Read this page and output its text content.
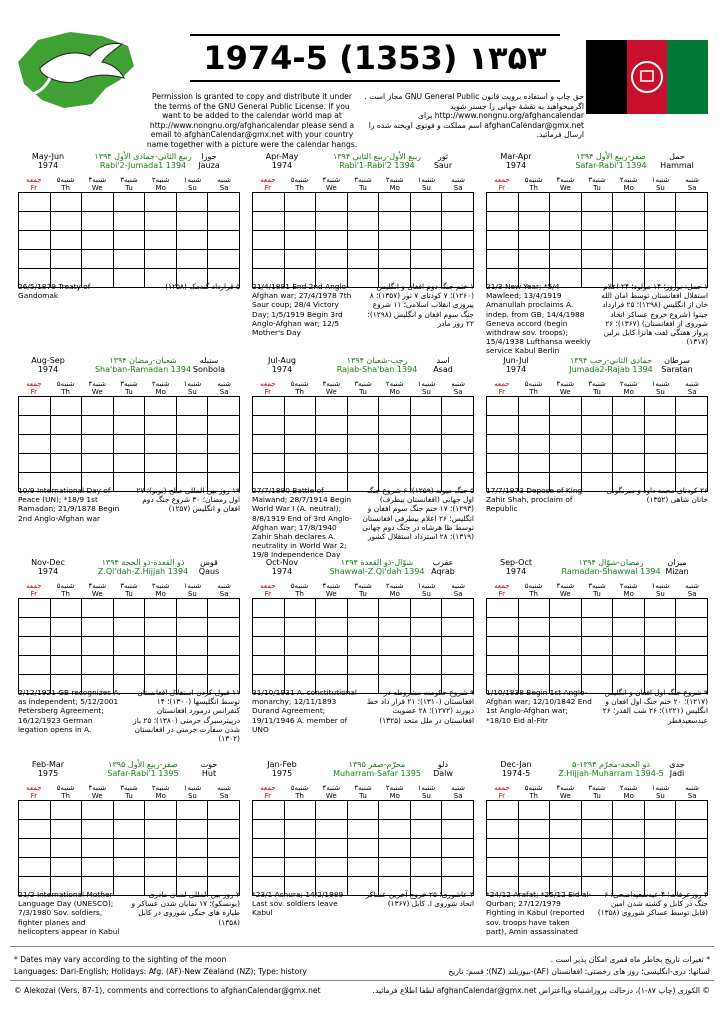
1974-5 (1353) ۱۳۵۳
Permission is granted to copy and distribute it under the terms of the GNU General Public License. If you want to be added to the calendar world map at http://www.nongnu.org/afghancalendar please send a email to afghanCalendar@gmx.net with your country name together with a picture were the calendar hangs.
حق چاپ و استفاده برویت قانون GNU General Public مجاز است . اگرمیخواهید به نقشهٔ جهانی را جستر شوید http://www.nongnu.org/afghancalendar برای afghanCalendar@gmx.net اسم مملکت و فوتوی اویخته شده را ارسال فرمائید.
Mar-Apr
1974
صفر-ربیع الأول ۱۳۹۴
Safar-Rabi'1 1394
حمل
Hammal
جمعه	۵شنبه	۴شنبه	۳شنبه	۲شنبه	۱شنبه	شنبه
Fr	Th	We	Tu	Mo	Su	Sa
21/3 New Year; *5/4 Mawleed; 13/4/1919 Amanullah proclaims A. indep. from GB; 14/4/1988 Geneva accord (begin withdraw sov. troops); 15/4/1938 Lufthansa weekly service Kabul Berlin
۱ حمل: نوروز؛ ۱۴ مولود؛ ۲۴ اعلام استقلال افغانستان توسط امان الله خان از انگلیس (۱۲۹۸)؛ ۲۵ قرارداد جینوا (شروع خروج عساکر اتحاد شوروی از افغانستان) (۱۳۶۷)؛ ۲۶ پرواز هفتگی لفت هانزا کابل برلین (۱۳۱۷)
Apr-May
1974
ربیع الأول-ربیع الثاني ۱۳۹۴
Rabi'1-Rabi'2 1394
ثور
Saur
جمعه	۵شنبه	۴شنبه	۳شنبه	۲شنبه	۱شنبه	شنبه
Fr	Th	We	Tu	Mo	Su	Sa
21/4/1881 End 2nd Anglo-Afghan war; 27/4/1978 7th Saur coup; 28/4 Victory Day; 1/5/1919 Begin 3rd Anglo-Afghan war; 12/5 Mother's Day
۱ ختم جنگ دوم افغان و انگلیس (۱۲۶۰)؛ ۷ کودتای ۷ ثور (۱۳۵۷)؛ ۸ پیروزی انقلاب اسلامی؛ ۱۱ شروع جنگ سوم افغان و انگلیس (۱۲۹۸)؛ ۲۲ روز مادر
May-Jun
1974
ربیع الثاني-جمادی الأول ۱۳۹۴
Rabi'2-Jumada1 1394
جوزا
Jauza
جمعه	۵شنبه	۴شنبه	۳شنبه	۲شنبه	۱شنبه	شنبه
Fr	Th	We	Tu	Mo	Su	Sa
26/5/1879 Treaty of Gandomak
۵ قرارداد گندمک (۱۲۵۸)
Jun-Jul
1974
جمادی الثاني-رجب ۱۳۹۴
Jumada2-Rajab 1394
سرطان
Saratan
جمعه	۵شنبه	۴شنبه	۳شنبه	۲شنبه	۱شنبه	شنبه
Fr	Th	We	Tu	Mo	Su	Sa
17/7/1973 Depose of King Zahir Shah, proclaim of Republic
۲۶ کودتای محمد داود و سرنگونی خانان شاهی (۱۳۵۲)
Jul-Aug
1974
رجب-شعبان ۱۳۹۴
Rajab-Sha'ban 1394
اسد
Asad
جمعه	۵شنبه	۴شنبه	۳شنبه	۲شنبه	۱شنبه	شنبه
Fr	Th	We	Tu	Mo	Su	Sa
27/7/1880 Battle of Maiwand; 28/7/1914 Begin World War I (A. neutral); 8/8/1919 End of 3rd Anglo-Afghan war; 17/8/1940 Zahir Shah declares A. neutrality in World War 2; 19/8 Independence Day
۵ جنگ میوند (۱۲۵۹)؛ ۶ شروع جنگ اول جهانی (افغانستان بیطرف) (۱۲۹۳)؛ ۱۷ ختم جنگ سوم افغان و انگلیس؛ ۲۶ اعلام بیطرفی افغانستان توسط ظا هرشاه در جنگ دوم جهانی (۱۳۱۹)؛ ۲۸ استرداد استقلال کشور
Aug-Sep
1974
شعبان-رمضان ۱۳۹۴
Sha'ban-Ramadan 1394
سنبله
Sonbola
جمعه	۵شنبه	۴شنبه	۳شنبه	۲شنبه	۱شنبه	شنبه
Fr	Th	We	Tu	Mo	Su	Sa
10/9 International Day of Peace (UN); *18/9 1st Ramadan; 21/9/1878 Begin 2nd Anglo-Afghan war
۱۹ روز بین المللی صلح (یونو)؛ ۲۷ اول رمضان؛ ۳۰ شروع جنگ دوم افغان و انگلیس (۱۲۵۷)
Sep-Oct
1974
رمضان-شوّال ۱۳۹۴
Ramadan-Shawwal 1394
میزان
Mizan
جمعه	۵شنبه	۴شنبه	۳شنبه	۲شنبه	۱شنبه	شنبه
Fr	Th	We	Tu	Mo	Su	Sa
1/10/1838 Begin 1st Anglo-Afghan war; 12/10/1842 End 1st Anglo-Afghan war; *18/10 Eid al-Fitr
۹ شروع جنگ اول افغان و انگلیس (۱۲۱۷)؛ ۲۰ ختم جنگ اول افغان و انگلیس (۱۲۲۱)؛ ۲۶ شب القدر؛ ۲۶ عیدسعیدفطر
Oct-Nov
1974
شوّال-ذو القعدة ۱۳۹۴
Shawwal-Z.Qi'dah 1394
عقرب
Aqrab
جمعه	۵شنبه	۴شنبه	۳شنبه	۲شنبه	۱شنبه	شنبه
Fr	Th	We	Tu	Mo	Su	Sa
31/10/1931 A. constitutional monarchy; 12/11/1893 Durand Agreement; 19/11/1946 A. member of UNO
۹ شروع حکومت مشروطه در افغانستان (۱۳۱۰)؛ ۲۱ قرار داد خط دیورند (۱۲۷۲)؛ ۲۸ عضویت افغانستان در ملل متحد (۱۳۲۵)
Nov-Dec
1974
ذو القعدة-ذو الحجة ۱۳۹۴
Z.Qi'dah-Z.Hijjah 1394
قوس
Qaus
جمعه	۵شنبه	۴شنبه	۳شنبه	۲شنبه	۱شنبه	شنبه
Fr	Th	We	Tu	Mo	Su	Sa
2/12/1921 GB recognizes A. as independent; 5/12/2001 Petersberg Agreement; 16/12/1923 German legation opens in A.
۱۱ قبول کردن استقلال افغانستان توسط انگلیسها (۱۳۰۰)؛ ۱۴ کنفرانس درمورد افغانستان درپیترسبرگ جرمنی (۱۳۸۰)؛ ۲۵ باز شدن سفارت جرمنی در افغانستان (۱۳۰۲)
Dec-Jan
1974-5
ذو الحجة-محرّم ۱۳۹۴-۵
Z.Hijjah-Muharram 1394-5
جدی
Jadi
جمعه	۵شنبه	۴شنبه	۳شنبه	۲شنبه	۱شنبه	شنبه
Fr	Th	We	Tu	Mo	Su	Sa
*24/12 Arafat; *25/12 Eid al-Qurban; 27/12/1979 Fighting in Kabul (reported sov. troops have taken part), Amin assassinated
۳ روزعرفات؛ ۴ عیدسعیداضحی؛ ۶ جنگ در کابل و کشته شدن امین (قابل توسط عساکر شوروی (۱۳۵۸)
Jan-Feb
1975
محرّم-صفر ۱۳۹۵
Muharram-Safar 1395
دلو
Dalw
جمعه	۵شنبه	۴شنبه	۳شنبه	۲شنبه	۱شنبه	شنبه
Fr	Th	We	Tu	Mo	Su	Sa
*23/1 Ashura; 14/2/1989 Last sov. soldiers leave Kabul
۳ عاشوری؛ ۲۵ خروج آخرین عساکر اتحاد شوروی ا. کابل (۱۳۶۷)
Feb-Mar
1975
صفر-ربیع الأول ۱۳۹۵
Safar-Rabi'1 1395
حوت
Hut
جمعه	۵شنبه	۴شنبه	۳شنبه	۲شنبه	۱شنبه	شنبه
Fr	Th	We	Tu	Mo	Su	Sa
21/2 International Mother Language Day (UNESCO); 7/3/1980 Sov. soldiers, fighter planes and helicopters appear in Kabul
۲ روز بین المللی لسان مادری (یونسکو)؛ ۱۷ نمایان شدن عساکر و طیاره های جنگی شوروی در کابل (۱۳۵۸)
* Dates may vary according to the sighting of the moon	* تغیرات تاریخ بخاطر ماه قمری امکان پذیر است .
Languages: Dari-English; Holidays: Afg. (AF)-New Zealand (NZ); Type: history	لسانها: دری-انگلیسی؛ روز های رخصتی: افغانستان (AF)-نیوزیلند (NZ)؛ قسم: تاریخ
© Alekozai (Vers. 87-1), comments and corrections to afghanCalendar@gmx.net	© الکوزی (چاپ ۸۷-۱)، درحالت بروزاشتباه ویااعتراض afghanCalendar@gmx.net لطفا اطلاع فرمائید.
